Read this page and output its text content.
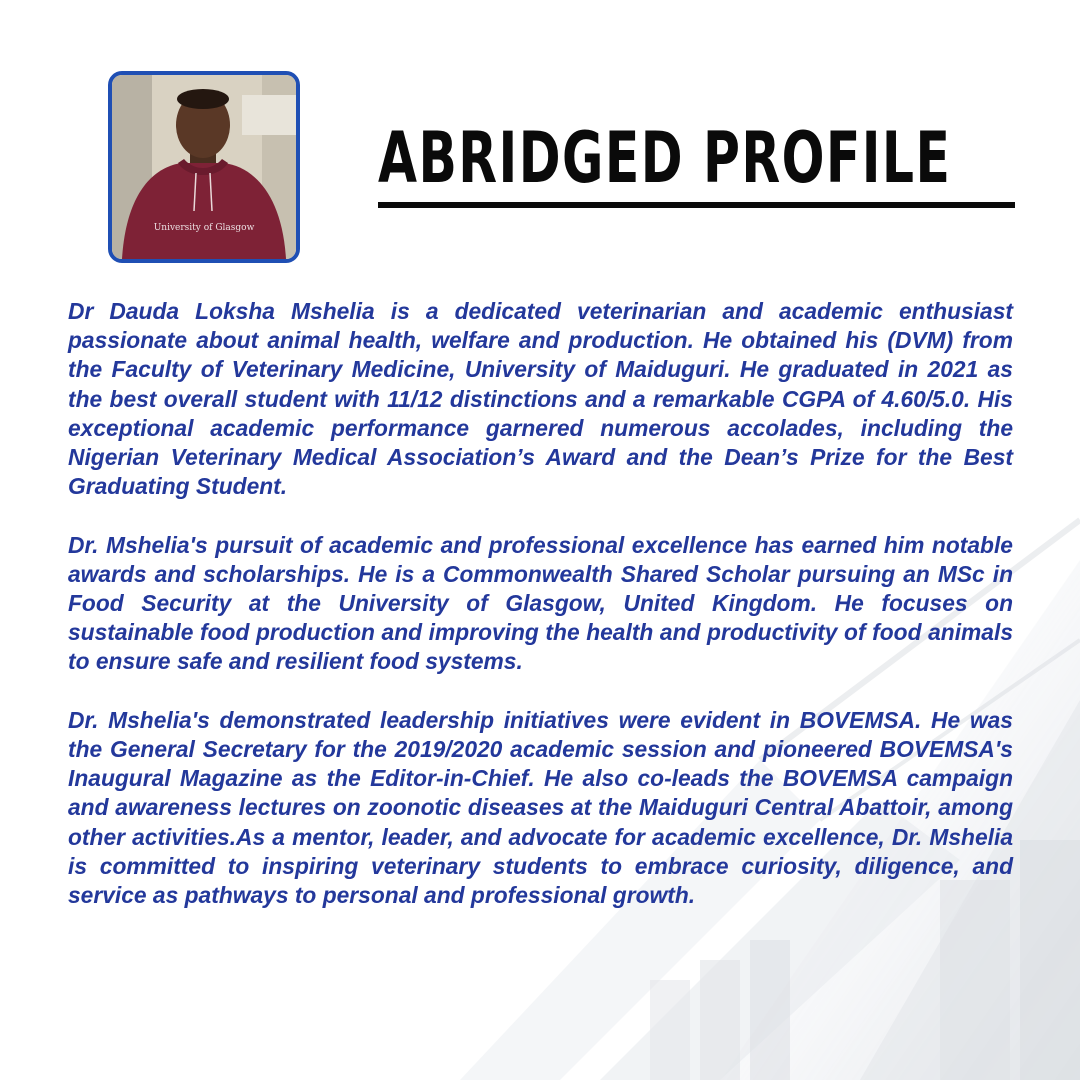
University of Glasgow
ABRIDGED PROFILE

Dr Dauda Loksha Mshelia is a dedicated veterinarian and academic enthusiast passionate about animal health, welfare and production. He obtained his (DVM) from the Faculty of Veterinary Medicine, University of Maiduguri. He graduated in 2021 as the best overall student with 11/12 distinctions and a remarkable CGPA of 4.60/5.0. His exceptional academic performance garnered numerous accolades, including the Nigerian Veterinary Medical Association’s Award and the Dean’s Prize for the Best Graduating Student.

Dr. Mshelia's pursuit of academic and professional excellence has earned him notable awards and scholarships. He is a Commonwealth Shared Scholar pursuing an MSc in Food Security at the University of Glasgow, United Kingdom. He focuses on sustainable food production and improving the health and productivity of food animals to ensure safe and resilient food systems.

Dr. Mshelia's demonstrated leadership initiatives were evident in BOVEMSA. He was the General Secretary for the 2019/2020 academic session and pioneered BOVEMSA's Inaugural Magazine as the Editor-in-Chief. He also co-leads the BOVEMSA campaign and awareness lectures on zoonotic diseases at the Maiduguri Central Abattoir, among other activities.As a mentor, leader, and advocate for academic excellence, Dr. Mshelia is committed to inspiring veterinary students to embrace curiosity, diligence, and service as pathways to personal and professional growth.
